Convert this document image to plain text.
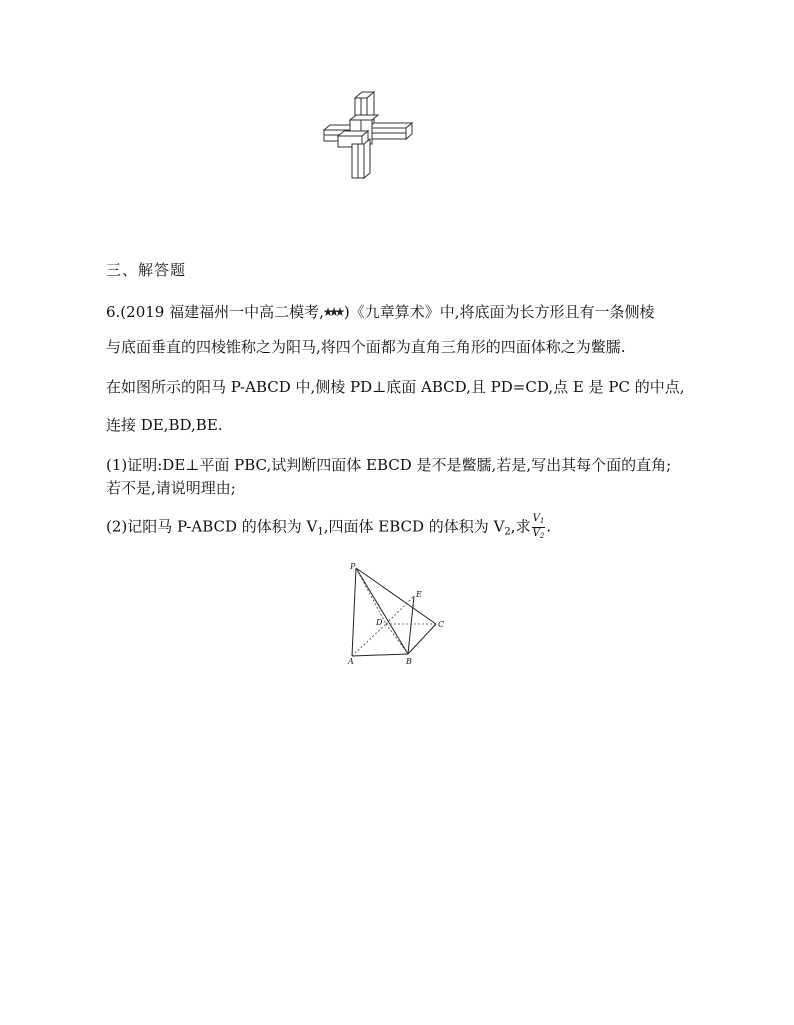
三、解答题
6.(2019 福建福州一中高二模考, )《九章算术》中,将底面为长方形且有一条侧棱
与底面垂直的四棱锥称之为阳马,将四个面都为直角三角形的四面体称之为鳖臑.
在如图所示的阳马 P-ABCD 中,侧棱 PD⊥底面 ABCD,且 PD=CD,点 E 是 PC 的中点,
连接 DE,BD,BE.
(1)证明:DE⊥平面 PBC,试判断四面体 EBCD 是不是鳖臑,若是,写出其每个面的直角;
若不是,请说明理由;
(2)记阳马 P-ABCD 的体积为 $V_1$,四面体 EBCD 的体积为 $V_2$,求 $\frac{V_1}{V_2}$ .
P
E
D	C
A	B
